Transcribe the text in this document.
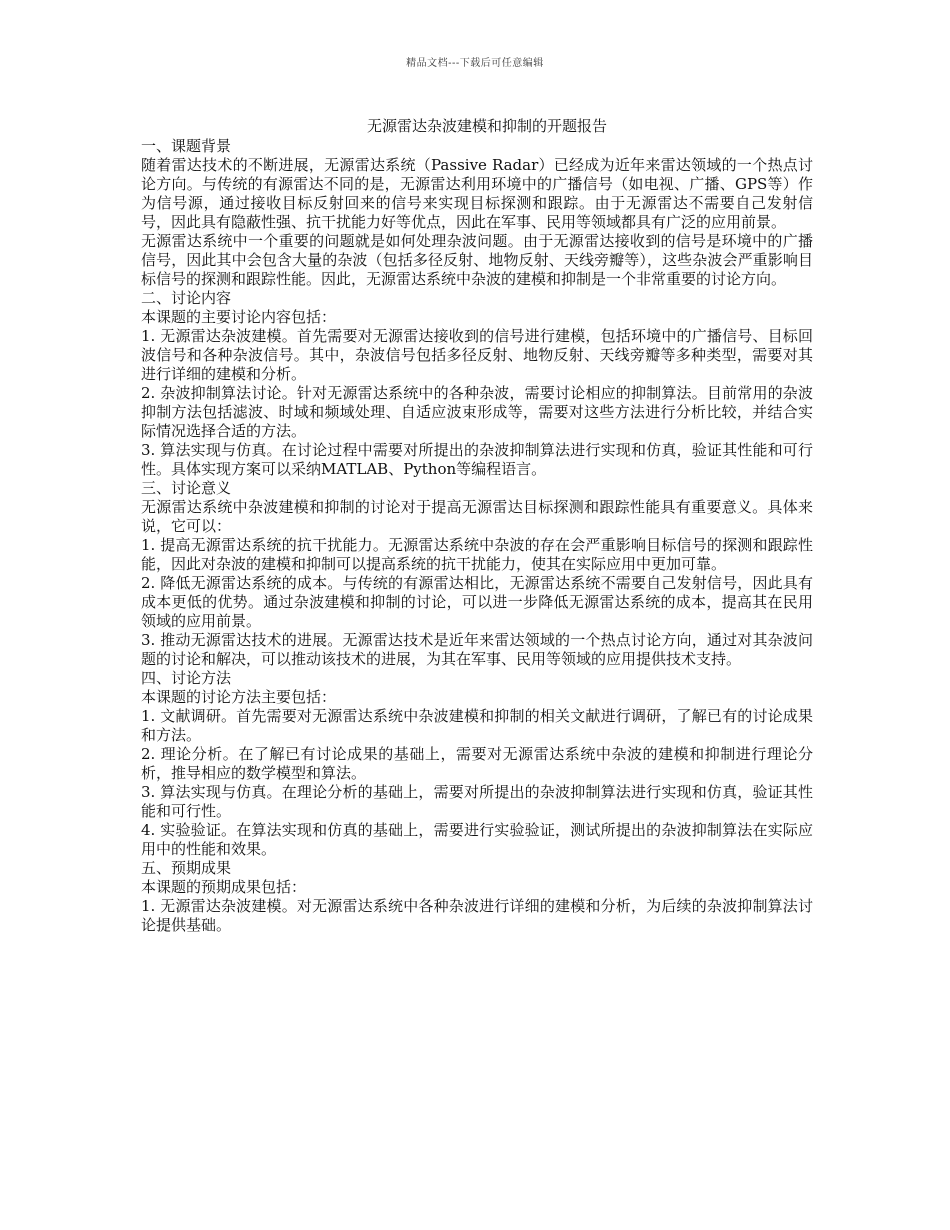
精品文档---下载后可任意编辑
无源雷达杂波建模和抑制的开题报告
一、课题背景

随着雷达技术的不断进展，无源雷达系统（Passive Radar）已经成为近年来雷达领域的一个热点讨论方向。与传统的有源雷达不同的是，无源雷达利用环境中的广播信号（如电视、广播、GPS等）作为信号源，通过接收目标反射回来的信号来实现目标探测和跟踪。由于无源雷达不需要自己发射信号，因此具有隐蔽性强、抗干扰能力好等优点，因此在军事、民用等领域都具有广泛的应用前景。

无源雷达系统中一个重要的问题就是如何处理杂波问题。由于无源雷达接收到的信号是环境中的广播信号，因此其中会包含大量的杂波（包括多径反射、地物反射、天线旁瓣等），这些杂波会严重影响目标信号的探测和跟踪性能。因此，无源雷达系统中杂波的建模和抑制是一个非常重要的讨论方向。

二、讨论内容

本课题的主要讨论内容包括：

1. 无源雷达杂波建模。首先需要对无源雷达接收到的信号进行建模，包括环境中的广播信号、目标回波信号和各种杂波信号。其中，杂波信号包括多径反射、地物反射、天线旁瓣等多种类型，需要对其进行详细的建模和分析。

2. 杂波抑制算法讨论。针对无源雷达系统中的各种杂波，需要讨论相应的抑制算法。目前常用的杂波抑制方法包括滤波、时域和频域处理、自适应波束形成等，需要对这些方法进行分析比较，并结合实际情况选择合适的方法。

3. 算法实现与仿真。在讨论过程中需要对所提出的杂波抑制算法进行实现和仿真，验证其性能和可行性。具体实现方案可以采纳MATLAB、Python等编程语言。

三、讨论意义

无源雷达系统中杂波建模和抑制的讨论对于提高无源雷达目标探测和跟踪性能具有重要意义。具体来说，它可以：

1. 提高无源雷达系统的抗干扰能力。无源雷达系统中杂波的存在会严重影响目标信号的探测和跟踪性能，因此对杂波的建模和抑制可以提高系统的抗干扰能力，使其在实际应用中更加可靠。

2. 降低无源雷达系统的成本。与传统的有源雷达相比，无源雷达系统不需要自己发射信号，因此具有成本更低的优势。通过杂波建模和抑制的讨论，可以进一步降低无源雷达系统的成本，提高其在民用领域的应用前景。

3. 推动无源雷达技术的进展。无源雷达技术是近年来雷达领域的一个热点讨论方向，通过对其杂波问题的讨论和解决，可以推动该技术的进展，为其在军事、民用等领域的应用提供技术支持。

四、讨论方法

本课题的讨论方法主要包括：

1. 文献调研。首先需要对无源雷达系统中杂波建模和抑制的相关文献进行调研，了解已有的讨论成果和方法。

2. 理论分析。在了解已有讨论成果的基础上，需要对无源雷达系统中杂波的建模和抑制进行理论分析，推导相应的数学模型和算法。

3. 算法实现与仿真。在理论分析的基础上，需要对所提出的杂波抑制算法进行实现和仿真，验证其性能和可行性。

4. 实验验证。在算法实现和仿真的基础上，需要进行实验验证，测试所提出的杂波抑制算法在实际应用中的性能和效果。

五、预期成果

本课题的预期成果包括：

1. 无源雷达杂波建模。对无源雷达系统中各种杂波进行详细的建模和分析，为后续的杂波抑制算法讨论提供基础。
